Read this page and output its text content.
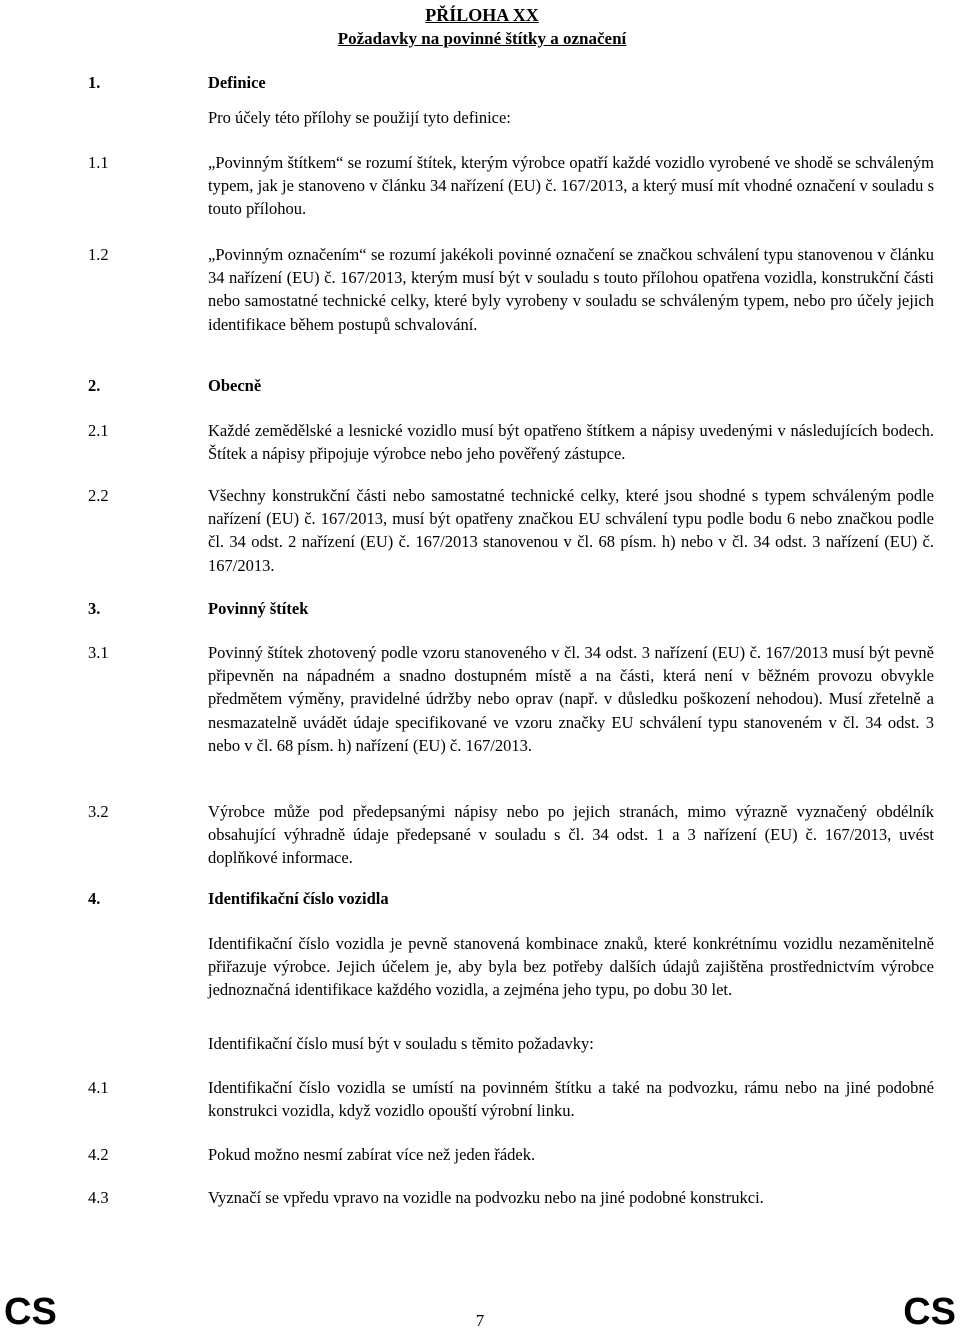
PŘÍLOHA XX
Požadavky na povinné štítky a označení
1.	Definice
Pro účely této přílohy se použijí tyto definice:
1.1	„Povinným štítkem“ se rozumí štítek, kterým výrobce opatří každé vozidlo vyrobené ve shodě se schváleným typem, jak je stanoveno v článku 34 nařízení (EU) č. 167/2013, a který musí mít vhodné označení v souladu s touto přílohou.
1.2	„Povinným označením“ se rozumí jakékoli povinné označení se značkou schválení typu stanovenou v článku 34 nařízení (EU) č. 167/2013, kterým musí být v souladu s touto přílohou opatřena vozidla, konstrukční části nebo samostatné technické celky, které byly vyrobeny v souladu se schváleným typem, nebo pro účely jejich identifikace během postupů schvalování.
2.	Obecně
2.1	Každé zemědělské a lesnické vozidlo musí být opatřeno štítkem a nápisy uvedenými v následujících bodech. Štítek a nápisy připojuje výrobce nebo jeho pověřený zástupce.
2.2	Všechny konstrukční části nebo samostatné technické celky, které jsou shodné s typem schváleným podle nařízení (EU) č. 167/2013, musí být opatřeny značkou EU schválení typu podle bodu 6 nebo značkou podle čl. 34 odst. 2 nařízení (EU) č. 167/2013 stanovenou v čl. 68 písm. h) nebo v čl. 34 odst. 3 nařízení (EU) č. 167/2013.
3.	Povinný štítek
3.1	Povinný štítek zhotovený podle vzoru stanoveného v čl. 34 odst. 3 nařízení (EU) č. 167/2013 musí být pevně připevněn na nápadném a snadno dostupném místě a na části, která není v běžném provozu obvykle předmětem výměny, pravidelné údržby nebo oprav (např. v důsledku poškození nehodou). Musí zřetelně a nesmazatelně uvádět údaje specifikované ve vzoru značky EU schválení typu stanoveném v čl. 34 odst. 3 nebo v čl. 68 písm. h) nařízení (EU) č. 167/2013.
3.2	Výrobce může pod předepsanými nápisy nebo po jejich stranách, mimo výrazně vyznačený obdélník obsahující výhradně údaje předepsané v souladu s čl. 34 odst. 1 a 3 nařízení (EU) č. 167/2013, uvést doplňkové informace.
4.	Identifikační číslo vozidla
Identifikační číslo vozidla je pevně stanovená kombinace znaků, které konkrétnímu vozidlu nezaměnitelně přiřazuje výrobce. Jejich účelem je, aby byla bez potřeby dalších údajů zajištěna prostřednictvím výrobce jednoznačná identifikace každého vozidla, a zejména jeho typu, po dobu 30 let.
Identifikační číslo musí být v souladu s těmito požadavky:
4.1	Identifikační číslo vozidla se umístí na povinném štítku a také na podvozku, rámu nebo na jiné podobné konstrukci vozidla, když vozidlo opouští výrobní linku.
4.2	Pokud možno nesmí zabírat více než jeden řádek.
4.3	Vyznačí se vpředu vpravo na vozidle na podvozku nebo na jiné podobné konstrukci.
CS	7	CS
